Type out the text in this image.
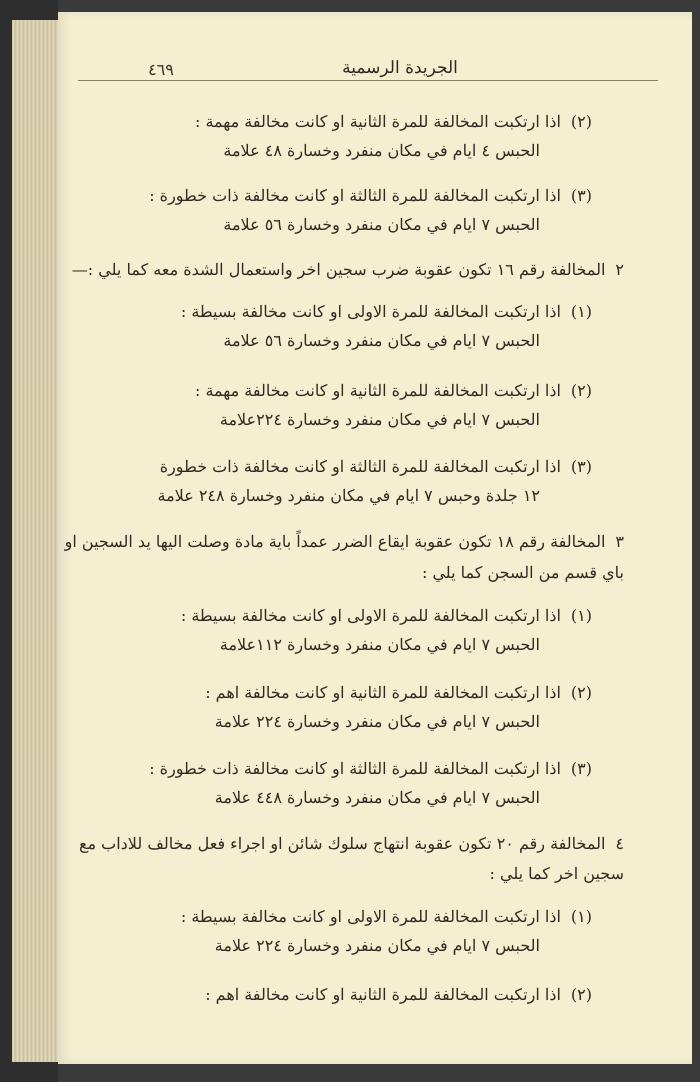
٤٦٩	الجريدة الرسمية
(٢)اذا ارتكبت المخالفة للمرة الثانية او كانت مخالفة مهمة :
الحبس ٤ ايام في مكان منفرد وخسارة ٤٨ علامة
(٣)اذا ارتكبت المخالفة للمرة الثالثة او كانت مخالفة ذات خطورة :
الحبس ٧ ايام في مكان منفرد وخسارة ٥٦ علامة
٢المخالفة رقم ١٦ تكون عقوبة ضرب سجين اخر واستعمال الشدة معه كما يلي :—
(١)اذا ارتكبت المخالفة للمرة الاولى او كانت مخالفة بسيطة :
الحبس ٧ ايام في مكان منفرد وخسارة ٥٦ علامة
(٢)اذا ارتكبت المخالفة للمرة الثانية او كانت مخالفة مهمة :
الحبس ٧ ايام في مكان منفرد وخسارة ٢٢٤علامة
(٣)اذا ارتكبت المخالفة للمرة الثالثة او كانت مخالفة ذات خطورة
١٢ جلدة وحبس ٧ ايام في مكان منفرد وخسارة ٢٤٨ علامة
٣المخالفة رقم ١٨ تكون عقوبة ايقاع الضرر عمداً باية مادة وصلت اليها يد السجين او
باي قسم من السجن كما يلي :
(١)اذا ارتكبت المخالفة للمرة الاولى او كانت مخالفة بسيطة :
الحبس ٧ ايام في مكان منفرد وخسارة ١١٢علامة
(٢)اذا ارتكبت المخالفة للمرة الثانية او كانت مخالفة اهم :
الحبس ٧ ايام في مكان منفرد وخسارة ٢٢٤ علامة
(٣)اذا ارتكبت المخالفة للمرة الثالثة او كانت مخالفة ذات خطورة :
الحبس ٧ ايام في مكان منفرد وخسارة ٤٤٨ علامة
٤المخالفة رقم ٢٠ تكون عقوبة انتهاج سلوك شائن او اجراء فعل مخالف للاداب مع
سجين اخر كما يلي :
(١)اذا ارتكبت المخالفة للمرة الاولى او كانت مخالفة بسيطة :
الحبس ٧ ايام في مكان منفرد وخسارة ٢٢٤ علامة
(٢)اذا ارتكبت المخالفة للمرة الثانية او كانت مخالفة اهم :
